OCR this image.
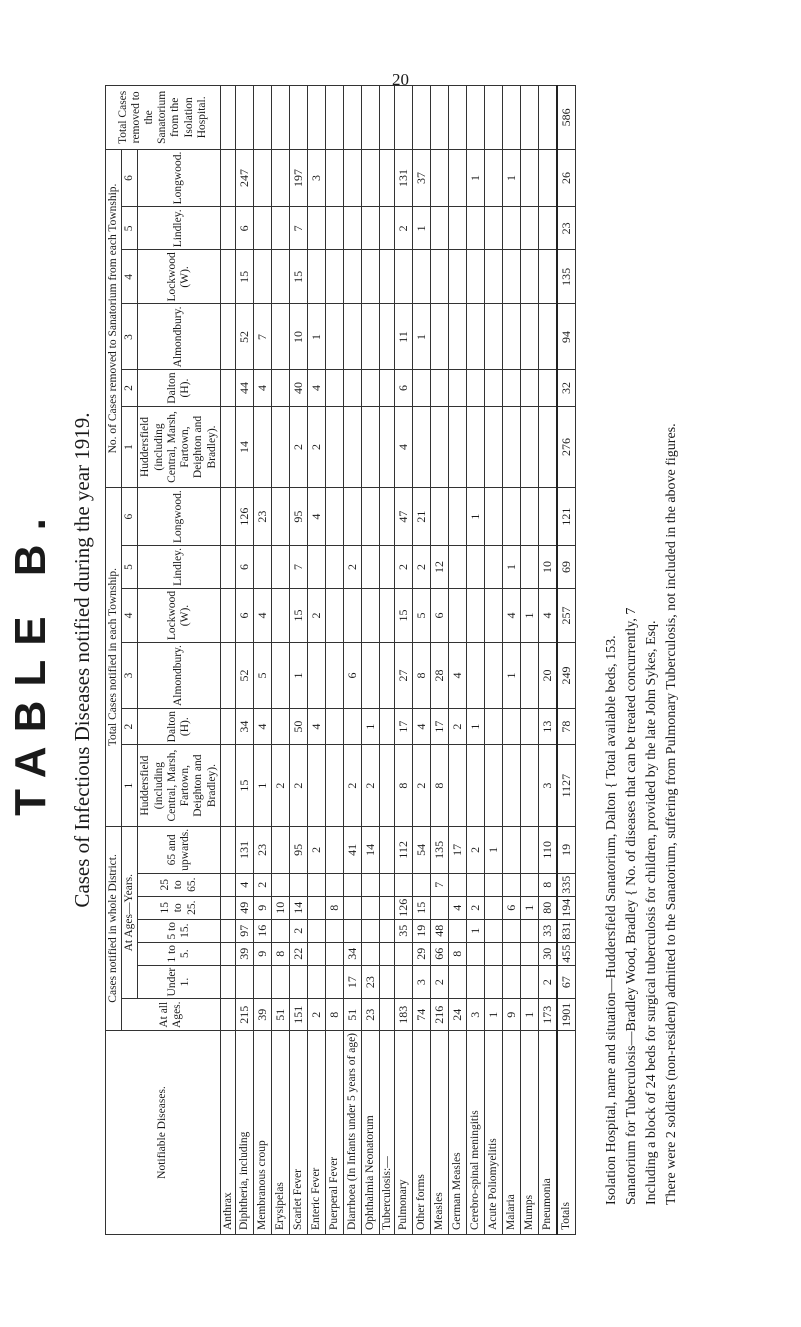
20
TABLE B. Cases of Infectious Diseases notified during the year 1919.
Notifiable Diseases.	Cases notified in whole District.							Total Cases notified in each Township.						No. of Cases removed to Sanatorium from each Township.						Total Cases removed to the Sanatorium from the Isolation Hospital.
	At all Ages.	At Ages—Years.						1	2	3	4	5	6	1	2	3	4	5	6	
		Under 1.	1 to 5.	5 to 15.	15 to 25.	25 to 65.	65 and upwards.	Huddersfield (including Central, Marsh, Fartown, Deighton and Bradley).	Dalton (H).	Almondbury.	Lockwood (W).	Lindley.	Longwood.	Huddersfield (including Central, Marsh, Fartown, Deighton and Bradley).	Dalton (H).	Almondbury.	Lockwood (W).	Lindley.	Longwood.	
Anthrax																				
Diphtheria, including	215		39	97	49	4	131	15	34	52	6	6	126	14	44	52	15	6	247	
Membranous croup	39		9	16	9	2	23	1	4	5	4		23		4	7				
Erysipelas	51		8		10			2												
Scarlet Fever	151		22	2	14		95	2	50	1	15	7	95	2	40	10	15	7	197	
Enteric Fever	2						2		4		2		4	2	4	1			3	
Puerperal Fever	8				8															
Diarrhoea (In Infants under 5 years of age)	51	17	34				41	2		6		2								
Ophthalmia Neonatorum	23	23					14	2	1											
Tuberculosis:—																				
Pulmonary	183			35	126		112	8	17	27	15	2	47	4	6	11		2	131	
Other forms	74	3	29	19	15		54	2	4	8	5	2	21			1		1	37	
Measles	216	2	66	48		7	135	8	17	28	6	12								
German Measles	24		8		4		17		2	4										
Cerebro-spinal meningitis	3			1	2		2		1				1						1	
Acute Poliomyelitis	1						1													
Malaria	9				6					1	4	1							1	
Mumps	1				1						1									
Pneumonia	173	2	30	33	80	8	110	3	13	20	4	10								
Totals	1901	67	455	831	194	335	19	1127	78	249	257	69	121	276	32	94	135	23	26	586
Isolation Hospital, name and situation—Huddersfield Sanatorium, Dalton { Total available beds, 153. Sanatorium for Tuberculosis—Bradley Wood, Bradley { No. of diseases that can be treated concurrently, 7 Including a block of 24 beds for surgical tuberculosis for children, provided by the late John Sykes, Esq. There were 2 soldiers (non-resident) admitted to the Sanatorium, suffering from Pulmonary Tuberculosis, not included in the above figures.
